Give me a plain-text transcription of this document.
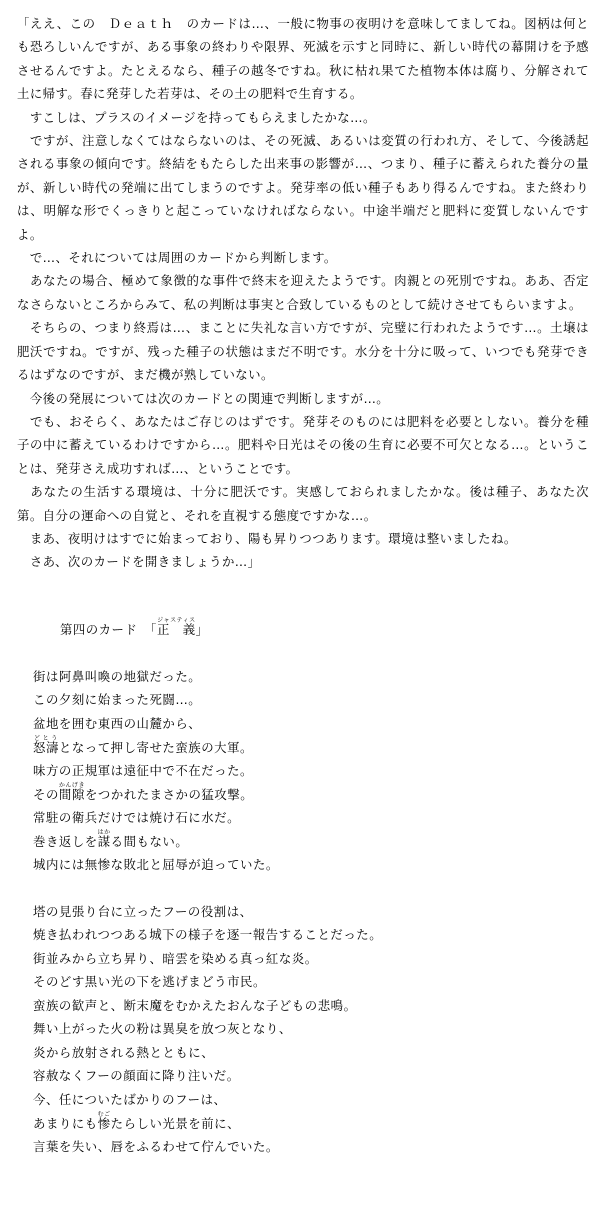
「ええ、この　Ｄｅａｔｈ　のカードは…、一般に物事の夜明けを意味してましてね。図柄は何とも恐ろしいんですが、ある事象の終わりや限界、死滅を示すと同時に、新しい時代の幕開けを予感させるんですよ。たとえるなら、種子の越冬ですね。秋に枯れ果てた植物本体は腐り、分解されて土に帰す。春に発芽した若芽は、その土の肥料で生育する。

　すこしは、プラスのイメージを持ってもらえましたかな…。

　ですが、注意しなくてはならないのは、その死滅、あるいは変質の行われ方、そして、今後誘起される事象の傾向です。終結をもたらした出来事の影響が…、つまり、種子に蓄えられた養分の量が、新しい時代の発端に出てしまうのですよ。発芽率の低い種子もあり得るんですね。また終わりは、明解な形でくっきりと起こっていなければならない。中途半端だと肥料に変質しないんですよ。

　で…、それについては周囲のカードから判断します。

　あなたの場合、極めて象徴的な事件で終末を迎えたようです。肉親との死別ですね。ああ、否定なさらないところからみて、私の判断は事実と合致しているものとして続けさせてもらいますよ。

　そちらの、つまり終焉は…、まことに失礼な言い方ですが、完璧に行われたようです…。土壌は肥沃ですね。ですが、残った種子の状態はまだ不明です。水分を十分に吸って、いつでも発芽できるはずなのですが、まだ機が熟していない。

　今後の発展については次のカードとの関連で判断しますが…。

　でも、おそらく、あなたはご存じのはずです。発芽そのものには肥料を必要としない。養分を種子の中に蓄えているわけですから…。肥料や日光はその後の生育に必要不可欠となる…。ということは、発芽さえ成功すれば…、ということです。

　あなたの生活する環境は、十分に肥沃です。実感しておられましたかな。後は種子、あなた次第。自分の運命への自覚と、それを直視する態度ですかな…。

　まあ、夜明けはすでに始まっており、陽も昇りつつあります。環境は整いましたね。

　さあ、次のカードを開きましょうか…」

第四のカード　「正　義ジャスティス」

街は阿鼻叫喚の地獄だった。
この夕刻に始まった死闘…。
盆地を囲む東西の山麓から、
怒濤どとうとなって押し寄せた蛮族の大軍。
味方の正規軍は遠征中で不在だった。
その間隙かんげきをつかれたまさかの猛攻撃。
常駐の衛兵だけでは焼け石に水だ。
巻き返しを謀はかる間もない。
城内には無惨な敗北と屈辱が迫っていた。
塔の見張り台に立ったフーの役割は、
焼き払われつつある城下の様子を逐一報告することだった。
街並みから立ち昇り、暗雲を染める真っ紅な炎。
そのどす黒い光の下を逃げまどう市民。
蛮族の歓声と、断末魔をむかえたおんな子どもの悲鳴。
舞い上がった火の粉は異臭を放つ灰となり、
炎から放射される熱とともに、
容赦なくフーの顔面に降り注いだ。
今、任についたばかりのフーは、
あまりにも惨むごたらしい光景を前に、
言葉を失い、唇をふるわせて佇んでいた。
